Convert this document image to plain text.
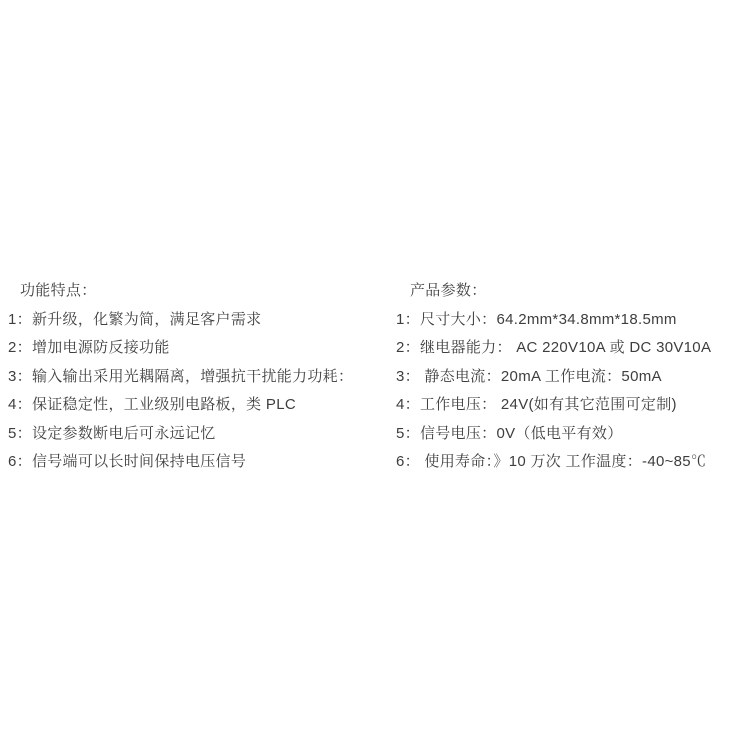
功能特点：
1：新升级，化繁为简，满足客户需求
2：增加电源防反接功能
3：输入输出采用光耦隔离，增强抗干扰能力功耗：
4：保证稳定性，工业级别电路板，类 PLC
5：设定参数断电后可永远记忆
6：信号端可以长时间保持电压信号
产品参数：
1：尺寸大小：64.2mm*34.8mm*18.5mm
2：继电器能力： AC 220V10A 或 DC 30V10A
3： 静态电流：20mA 工作电流：50mA
4：工作电压： 24V(如有其它范围可定制)
5：信号电压：0V（低电平有效）
6： 使用寿命：》10 万次 工作温度：-40~85℃
